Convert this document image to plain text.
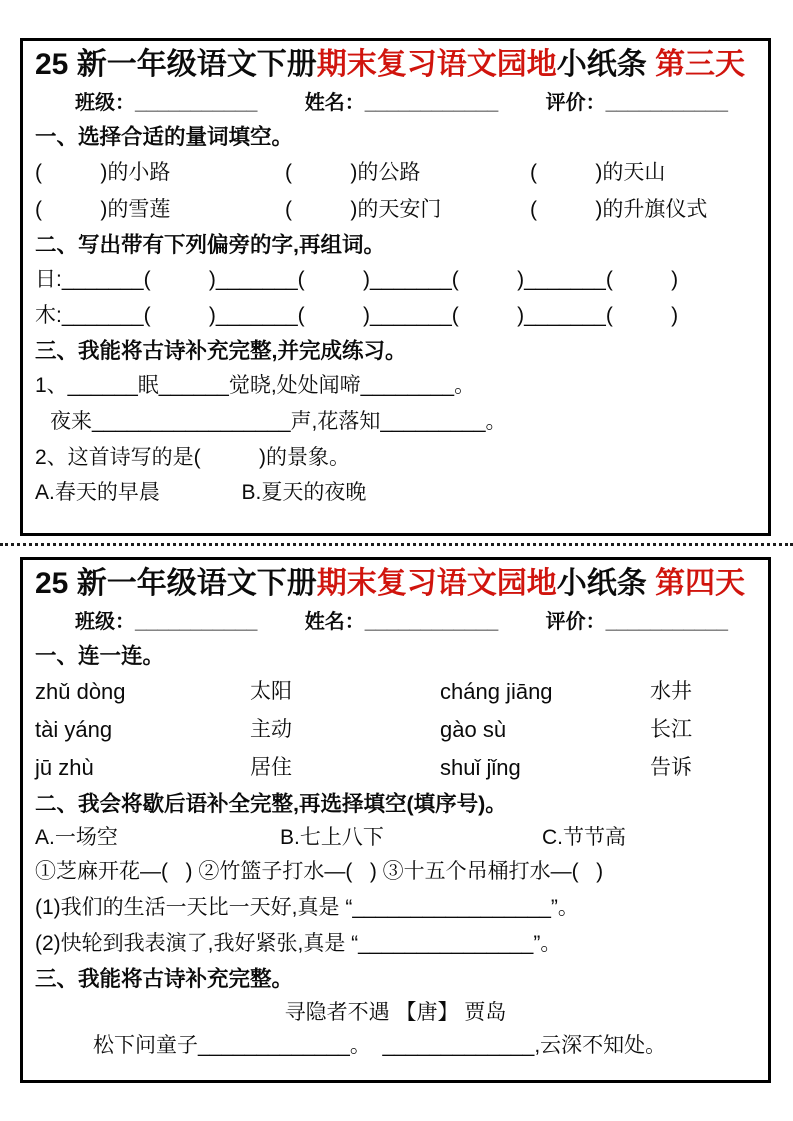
25 新一年级语文下册期末复习语文园地小纸条 第三天
班级：___________ 姓名：____________ 评价：___________
一、选择合适的量词填空。
(          )的小路	(          )的公路	(          )的天山
(          )的雪莲	(          )的天安门	(          )的升旗仪式
二、写出带有下列偏旁的字,再组词。
日:_______(          )_______(          )_______(          )_______(          )
木:_______(          )_______(          )_______(          )_______(          )
三、我能将古诗补充完整,并完成练习。
1、______眠______觉晓,处处闻啼________。
夜来_________________声,花落知_________。
2、这首诗写的是(          )的景象。
A.春天的早晨              B.夏天的夜晚
25 新一年级语文下册期末复习语文园地小纸条 第四天
班级：___________ 姓名：____________ 评价：___________
一、连一连。
zhǔ dòng	太阳	cháng jiāng	水井
tài yáng	主动	gào sù	长江
jū zhù	居住	shuǐ jǐng	告诉
二、我会将歇后语补全完整,再选择填空(填序号)。
A.一场空	B.七上八下	C.节节高
①芝麻开花—(   ) ②竹篮子打水—(   ) ③十五个吊桶打水—(   )
(1)我们的生活一天比一天好,真是 “_________________”。
(2)快轮到我表演了,我好紧张,真是 “_______________”。
三、我能将古诗补充完整。
寻隐者不遇 【唐】 贾岛
松下问童子_____________。  _____________,云深不知处。
